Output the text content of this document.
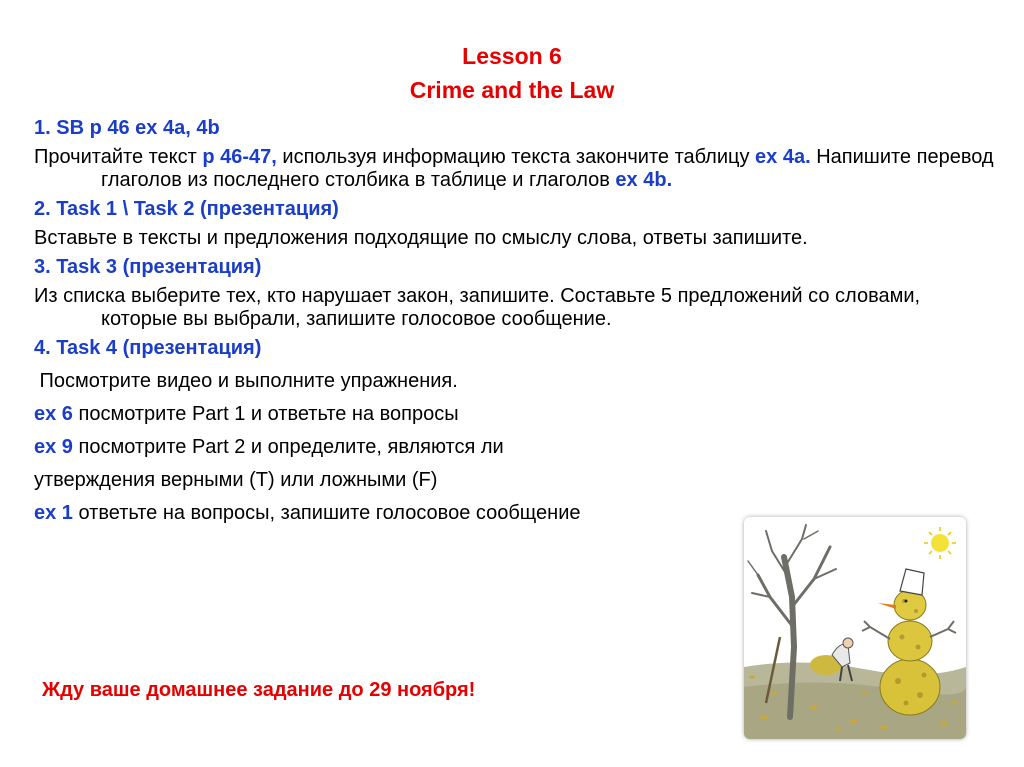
Lesson 6
Crime and the Law
1. SB p 46 ex 4a, 4b
Прочитайте текст p 46-47, используя информацию текста закончите таблицу ex 4a. Напишите перевод глаголов из последнего столбика в таблице и глаголов ex 4b.
2. Task 1 \ Task 2 (презентация)
Вставьте в тексты и предложения подходящие по смыслу слова, ответы запишите.
3. Task 3 (презентация)
Из списка выберите тех, кто нарушает закон, запишите. Составьте 5 предложений со словами, которые вы выбрали, запишите голосовое сообщение.
4. Task 4 (презентация)
Посмотрите видео и выполните упражнения.
ex 6 посмотрите Part 1 и ответьте на вопросы
ex 9 посмотрите Part 2 и определите, являются ли
утверждения верными (T) или ложными (F)
ex 1 ответьте на вопросы, запишите голосовое сообщение
Жду ваше домашнее задание до 29 ноября!
